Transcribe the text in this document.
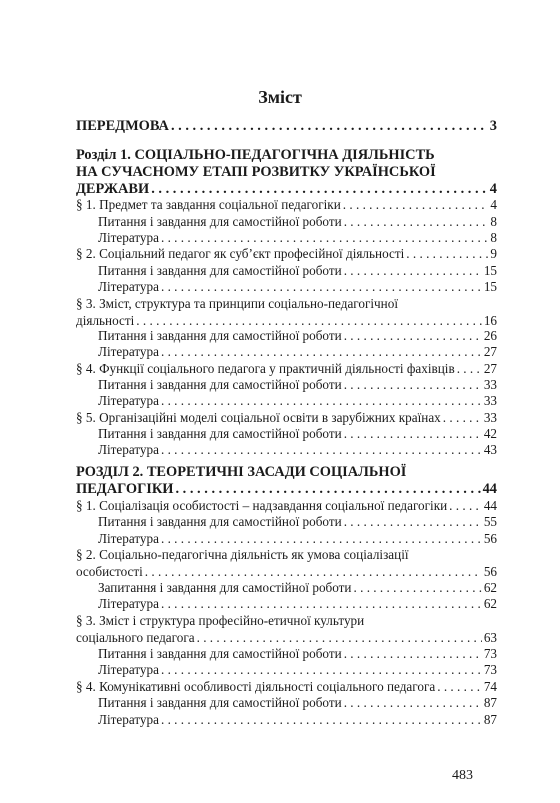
Зміст
ПЕРЕДМОВА . . .	3
Розділ 1. СОЦІАЛЬНО-ПЕДАГОГІЧНА ДІЯЛЬНІСТЬ
НА СУЧАСНОМУ ЕТАПІ РОЗВИТКУ УКРАЇНСЬКОЇ
ДЕРЖАВИ . . .	4
§ 1. Предмет та завдання соціальної педагогіки . . .	4
Питання і завдання для самостійної роботи . . .	8
Література . . .	8
§ 2. Соціальний педагог як суб’єкт професійної діяльності . . .	9
Питання і завдання для самостійної роботи . . .	15
Література . . .	15
§ 3. Зміст, структура та принципи соціально-педагогічної
діяльності . . .	16
Питання і завдання для самостійної роботи . . .	26
Література . . .	27
§ 4. Функції соціального педагога у практичній діяльності фахівців . . . 27
Питання і завдання для самостійної роботи . . .	33
Література . . .	33
§ 5. Організаційні моделі соціальної освіти в зарубіжних країнах . . .	33
Питання і завдання для самостійної роботи . . .	42
Література . . .	43
РОЗДІЛ 2. ТЕОРЕТИЧНІ ЗАСАДИ СОЦІАЛЬНОЇ
ПЕДАГОГІКИ . . .	44
§ 1. Соціалізація особистості – надзавдання соціальної педагогіки . . .	44
Питання і завдання для самостійної роботи . . .	55
Література . . .	56
§ 2. Соціально-педагогічна діяльність як умова соціалізації
особистості . . .	56
Запитання і завдання для самостійної роботи . . .	62
Література . . .	62
§ 3. Зміст і структура професійно-етичної культури
соціального педагога . . .	63
Питання і завдання для самостійної роботи . . .	73
Література . . .	73
§ 4. Комунікативні особливості діяльності соціального педагога . . .	74
Питання і завдання для самостійної роботи . . .	87
Література . . .	87
483
